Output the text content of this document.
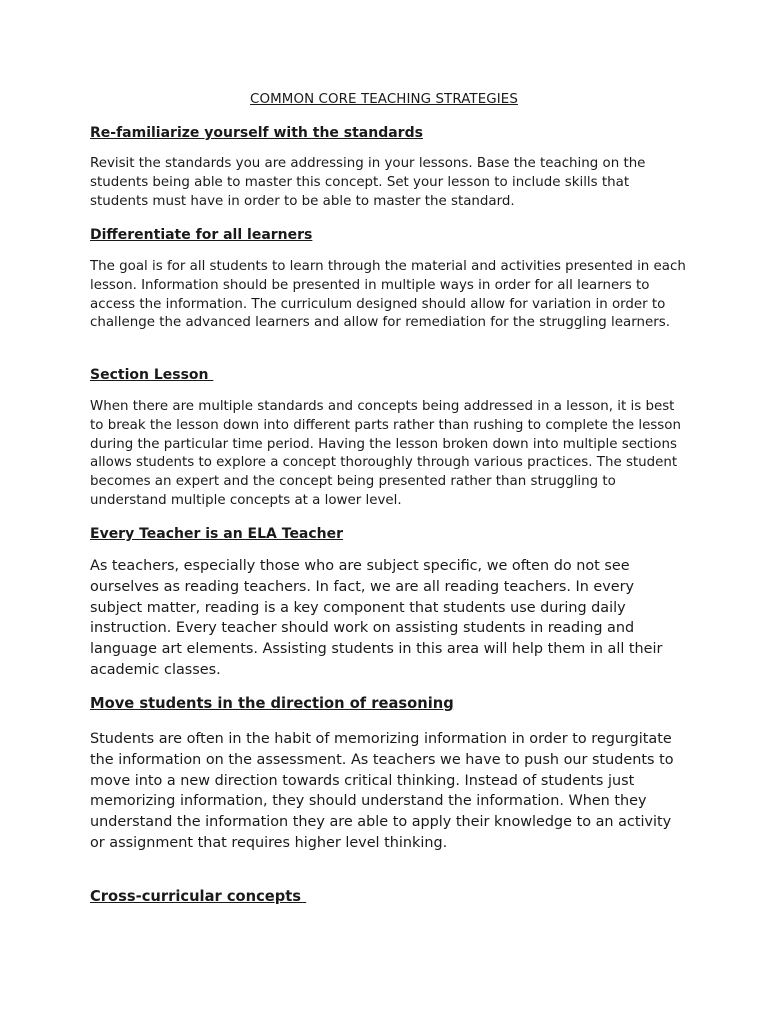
COMMON CORE TEACHING STRATEGIES
Re-familiarize yourself with the standards

Revisit the standards you are addressing in your lessons. Base the teaching on the students being able to master this concept. Set your lesson to include skills that students must have in order to be able to master the standard.

Differentiate for all learners

The goal is for all students to learn through the material and activities presented in each lesson. Information should be presented in multiple ways in order for all learners to access the information. The curriculum designed should allow for variation in order to challenge the advanced learners and allow for remediation for the struggling learners.

Section Lesson

When there are multiple standards and concepts being addressed in a lesson, it is best to break the lesson down into different parts rather than rushing to complete the lesson during the particular time period. Having the lesson broken down into multiple sections allows students to explore a concept thoroughly through various practices. The student becomes an expert and the concept being presented rather than struggling to understand multiple concepts at a lower level.

Every Teacher is an ELA Teacher

As teachers, especially those who are subject specific, we often do not see ourselves as reading teachers. In fact, we are all reading teachers. In every subject matter, reading is a key component that students use during daily instruction. Every teacher should work on assisting students in reading and language art elements. Assisting students in this area will help them in all their academic classes.

Move students in the direction of reasoning

Students are often in the habit of memorizing information in order to regurgitate the information on the assessment. As teachers we have to push our students to move into a new direction towards critical thinking. Instead of students just memorizing information, they should understand the information. When they understand the information they are able to apply their knowledge to an activity or assignment that requires higher level thinking.

Cross-curricular concepts
